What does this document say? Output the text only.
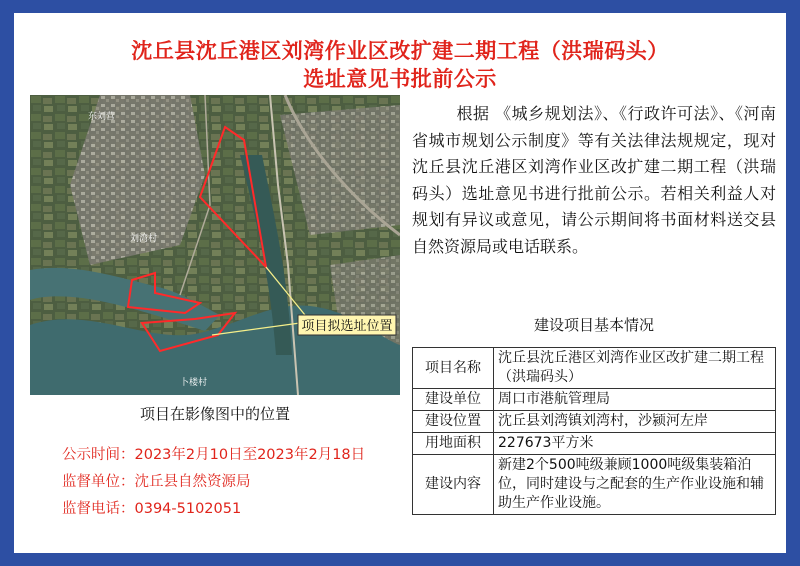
沈丘县沈丘港区刘湾作业区改扩建二期工程（洪瑞码头）
选址意见书批前公示
项目拟选址位置
东刘营
刘湾村
卜楼村
项目在影像图中的位置
根据 《城乡规划法》、《行政许可法》、《河南省城市规划公示制度》等有关法律法规规定，现对沈丘县沈丘港区刘湾作业区改扩建二期工程（洪瑞码头）选址意见书进行批前公示。若相关利益人对规划有异议或意见，请公示期间将书面材料送交县自然资源局或电话联系。
建设项目基本情况
项目名称	沈丘县沈丘港区刘湾作业区改扩建二期工程（洪瑞码头）
建设单位	周口市港航管理局
建设位置	沈丘县刘湾镇刘湾村，沙颍河左岸
用地面积	227673平方米
建设内容	新建2个500吨级兼顾1000吨级集装箱泊位，同时建设与之配套的生产作业设施和辅助生产作业设施。
公示时间：2023年2月10日至2023年2月18日
监督单位：沈丘县自然资源局
监督电话：0394-5102051
